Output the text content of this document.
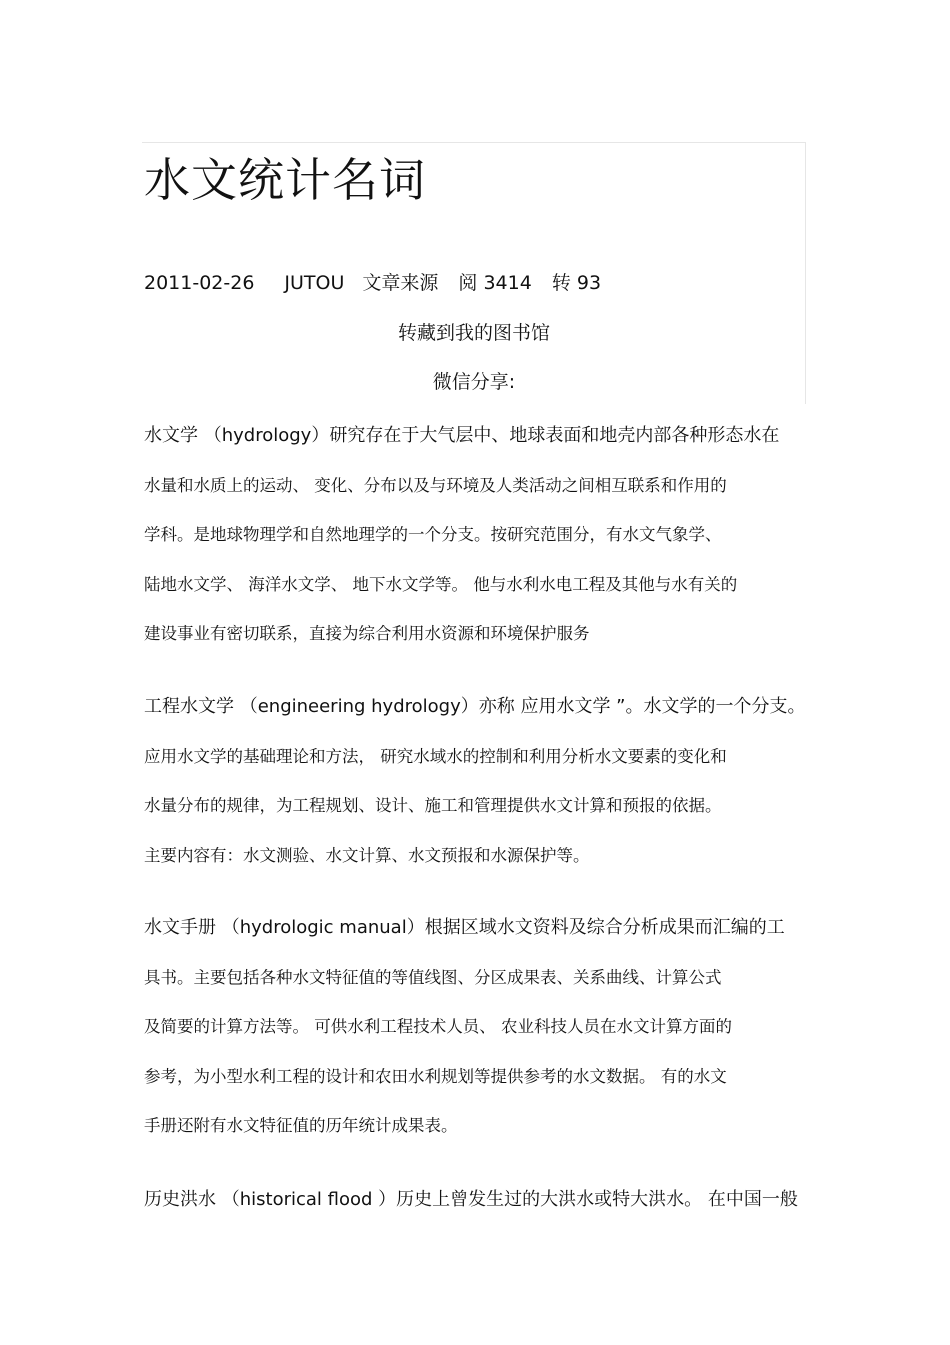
水文统计名词
2011-02-26 JUTOU 文章来源 阅 3414 转 93
转藏到我的图书馆
微信分享:
水文学 （hydrology）研究存在于大气层中、地球表面和地壳内部各种形态水在
水量和水质上的运动、 变化、分布以及与环境及人类活动之间相互联系和作用的
学科。是地球物理学和自然地理学的一个分支。按研究范围分，有水文气象学、
陆地水文学、 海洋水文学、 地下水文学等。 他与水利水电工程及其他与水有关的
建设事业有密切联系，直接为综合利用水资源和环境保护服务
工程水文学 （engineering hydrology）亦称 应用水文学 ”。水文学的一个分支。
应用水文学的基础理论和方法， 研究水域水的控制和利用分析水文要素的变化和
水量分布的规律，为工程规划、设计、施工和管理提供水文计算和预报的依据。
主要内容有：水文测验、水文计算、水文预报和水源保护等。
水文手册 （hydrologic manual）根据区域水文资料及综合分析成果而汇编的工
具书。主要包括各种水文特征值的等值线图、分区成果表、关系曲线、计算公式
及简要的计算方法等。 可供水利工程技术人员、 农业科技人员在水文计算方面的
参考，为小型水利工程的设计和农田水利规划等提供参考的水文数据。 有的水文
手册还附有水文特征值的历年统计成果表。
历史洪水 （historical flood ）历史上曾发生过的大洪水或特大洪水。 在中国一般
